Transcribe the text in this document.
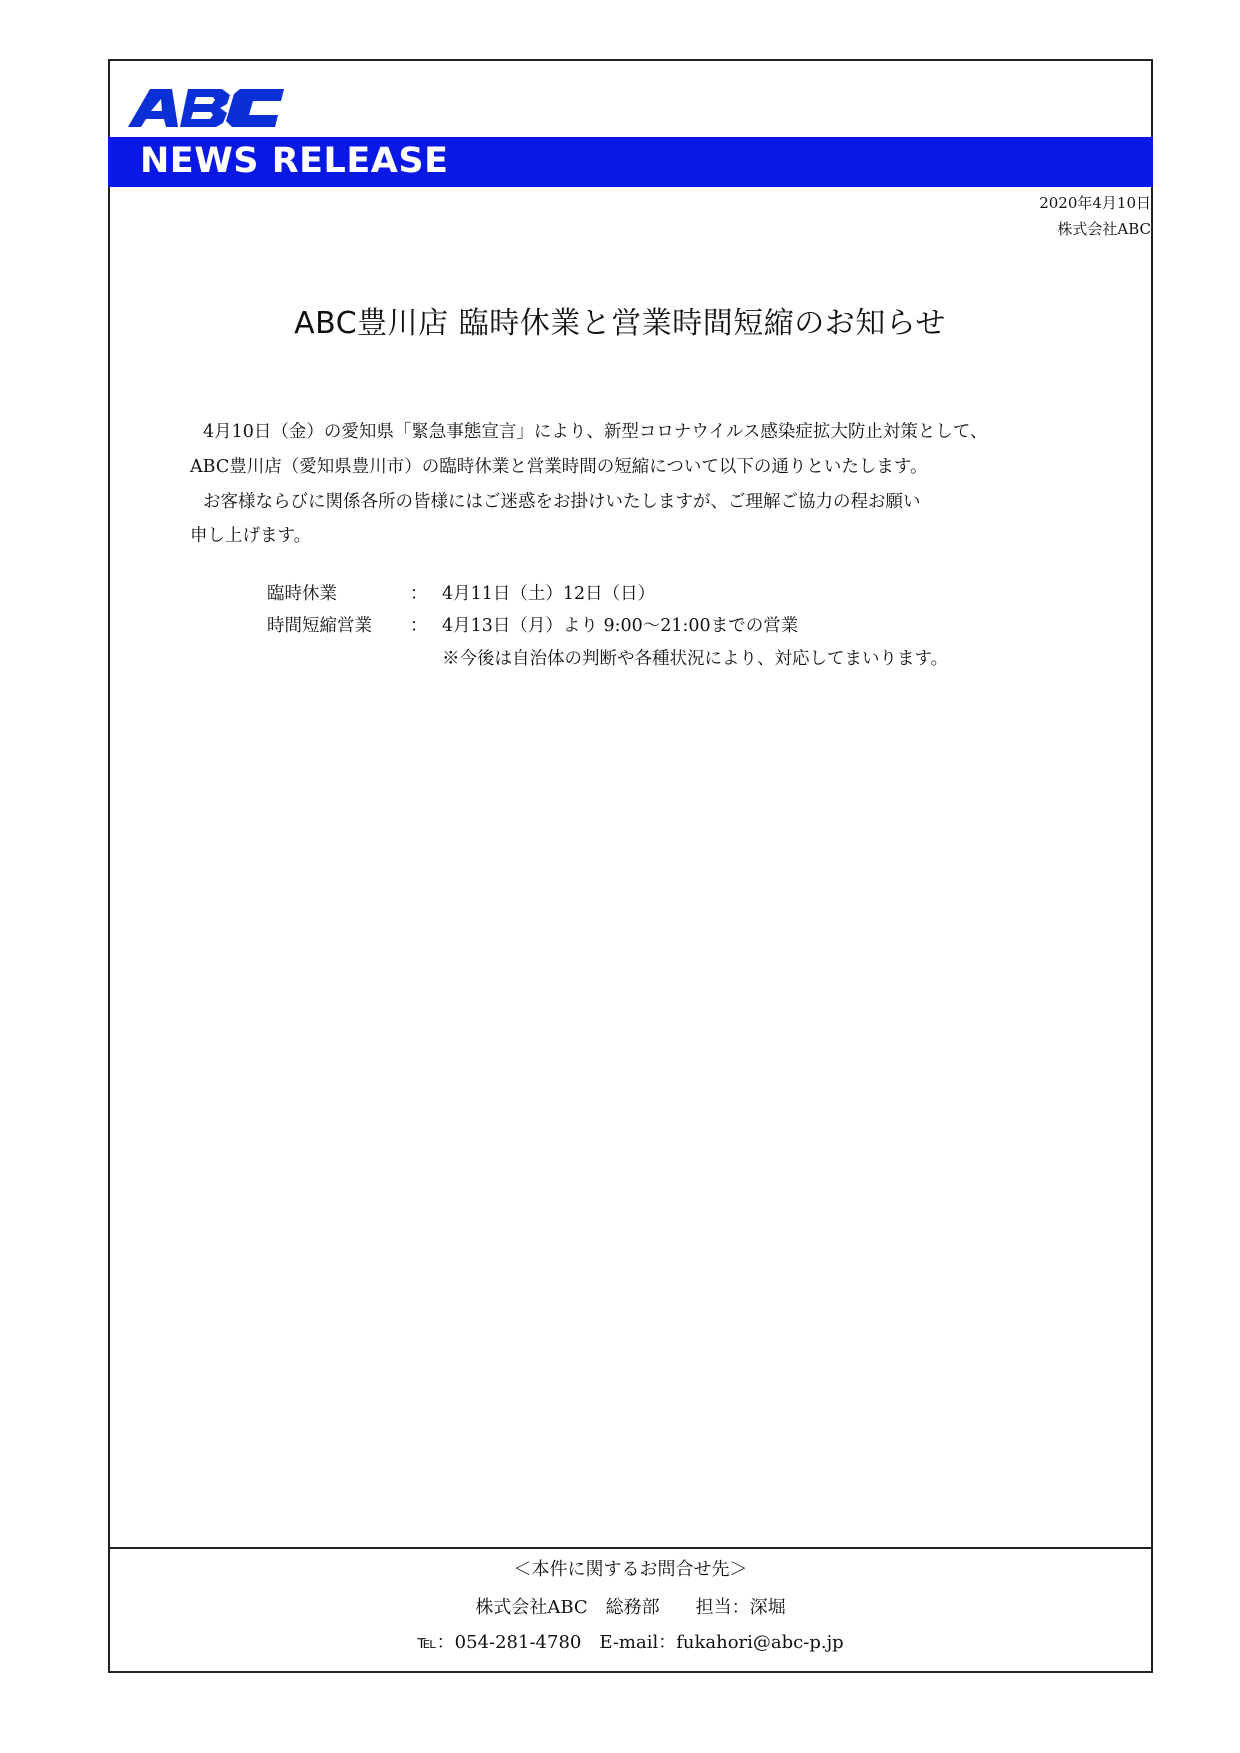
NEWS RELEASE
2020年4月10日
株式会社ABC
ABC豊川店 臨時休業と営業時間短縮のお知らせ

4月10日（金）の愛知県「緊急事態宣言」により、新型コロナウイルス感染症拡大防止対策として、

ABC豊川店（愛知県豊川市）の臨時休業と営業時間の短縮について以下の通りといたします。

お客様ならびに関係各所の皆様にはご迷惑をお掛けいたしますが、ご理解ご協力の程お願い

申し上げます。

臨時休業	： 4月11日（土）12日（日）
時間短縮営業 ： 4月13日（月）より 9:00～21:00までの営業
※今後は自治体の判断や各種状況により、対応してまいります。
＜本件に関するお問合せ先＞
株式会社ABC　総務部　　担当：深堀
℡：054-281-4780　E-mail：fukahori@abc-p.jp
